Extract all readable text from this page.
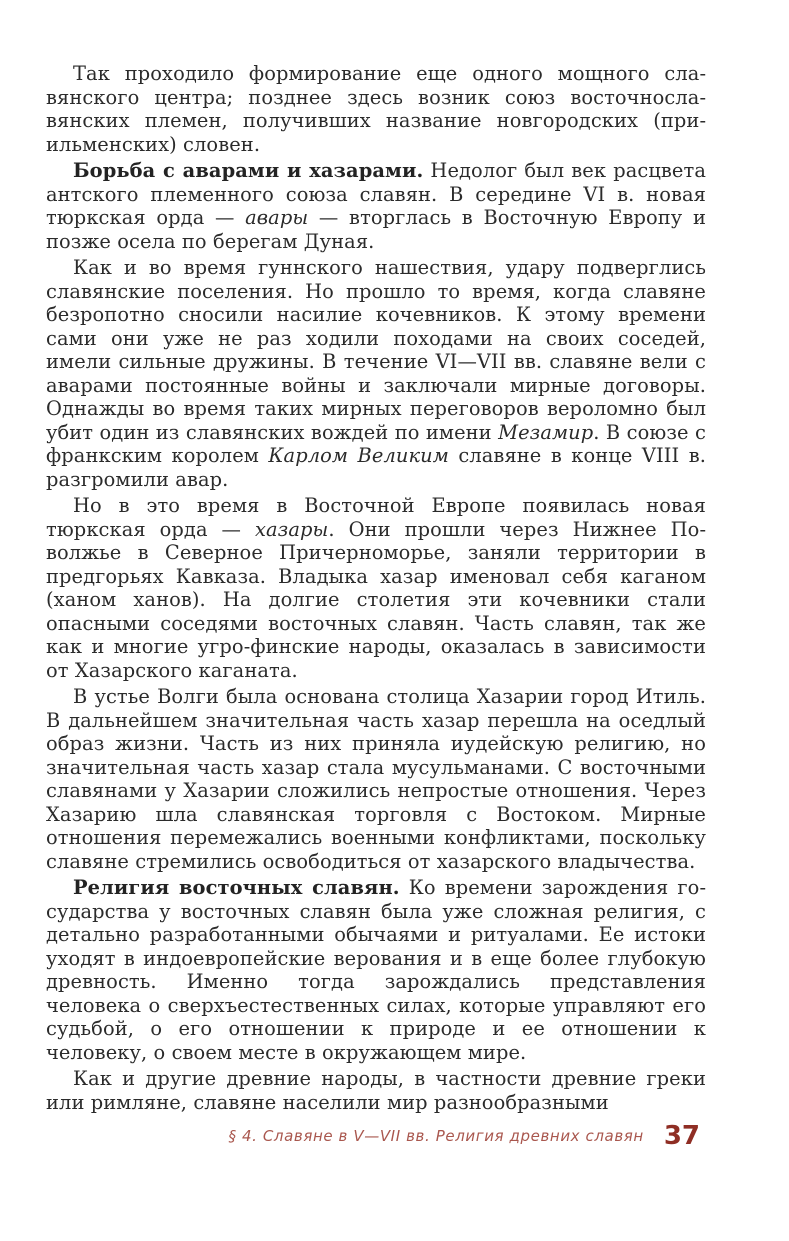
Так проходило формирование еще одного мощного славянского центра; позднее здесь возник союз восточнославянских племен, получивших название новгородских (приильменских) словен.

Борьба с аварами и хазарами. Недолог был век расцвета антского племенного союза славян. В середине VI в. новая тюркская орда — авары — вторглась в Восточную Европу и позже осела по берегам Дуная.

Как и во время гуннского нашествия, удару подверглись славянские поселения. Но прошло то время, когда славяне безропотно сносили насилие кочевников. К этому времени сами они уже не раз ходили походами на своих соседей, имели сильные дружины. В течение VI—VII вв. славяне вели с аварами постоянные войны и заключали мирные договоры. Однажды во время таких мирных переговоров вероломно был убит один из славянских вождей по имени Мезамир. В союзе с франкским королем Карлом Великим славяне в конце VIII в. разгромили авар.

Но в это время в Восточной Европе появилась новая тюркская орда — хазары. Они прошли через Нижнее Поволжье в Северное Причерноморье, заняли территории в предгорьях Кавказа. Владыка хазар именовал себя каганом (ханом ханов). На долгие столетия эти кочевники стали опасными соседями восточных славян. Часть славян, так же как и многие угро-финские народы, оказалась в зависимости от Хазарского каганата.

В устье Волги была основана столица Хазарии город Итиль. В дальнейшем значительная часть хазар перешла на оседлый образ жизни. Часть из них приняла иудейскую религию, но значительная часть хазар стала мусульманами. С восточными славянами у Хазарии сложились непростые отношения. Через Хазарию шла славянская торговля с Востоком. Мирные отношения перемежались военными конфликтами, поскольку славяне стремились освободиться от хазарского владычества.

Религия восточных славян. Ко времени зарождения государства у восточных славян была уже сложная религия, с детально разработанными обычаями и ритуалами. Ее истоки уходят в индоевропейские верования и в еще более глубокую древность. Именно тогда зарождались представления человека о сверхъестественных силах, которые управляют его судьбой, о его отношении к природе и ее отношении к человеку, о своем месте в окружающем мире.

Как и другие древние народы, в частности древние греки или римляне, славяне населили мир разнообразными

§ 4. Славяне в V—VII вв. Религия древних славян 37
